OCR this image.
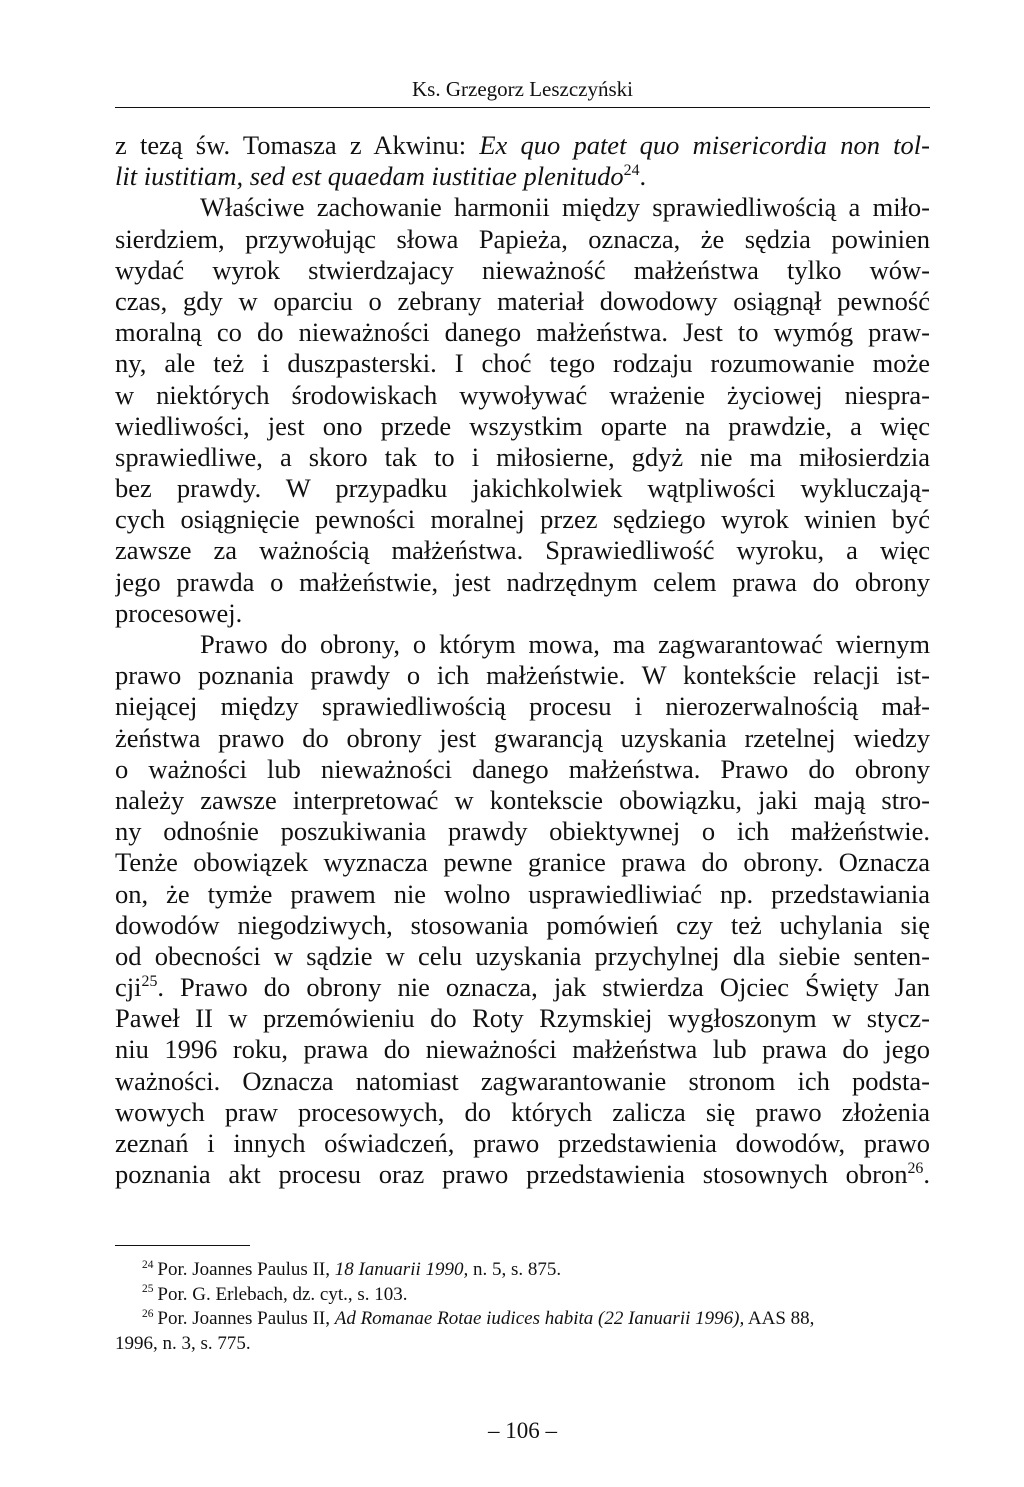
Ks. Grzegorz Leszczyński
z tezą św. Tomasza z Akwinu: Ex quo patet quo misericordia non tol-
lit iustitiam, sed est quaedam iustitiae plenitudo$^{24}$.
Właściwe zachowanie harmonii między sprawiedliwością a miło-
sierdziem, przywołując słowa Papieża, oznacza, że sędzia powinien
wydać wyrok stwierdzajacy nieważność małżeństwa tylko wów-
czas, gdy w oparciu o zebrany materiał dowodowy osiągnął pewność
moralną co do nieważności danego małżeństwa. Jest to wymóg praw-
ny, ale też i duszpasterski. I choć tego rodzaju rozumowanie może
w niektórych środowiskach wywoływać wrażenie życiowej niespra-
wiedliwości, jest ono przede wszystkim oparte na prawdzie, a więc
sprawiedliwe, a skoro tak to i miłosierne, gdyż nie ma miłosierdzia
bez prawdy. W przypadku jakichkolwiek wątpliwości wykluczają-
cych osiągnięcie pewności moralnej przez sędziego wyrok winien być
zawsze za ważnością małżeństwa. Sprawiedliwość wyroku, a więc
jego prawda o małżeństwie, jest nadrzędnym celem prawa do obrony
procesowej.
Prawo do obrony, o którym mowa, ma zagwarantować wiernym
prawo poznania prawdy o ich małżeństwie. W kontekście relacji ist-
niejącej między sprawiedliwością procesu i nierozerwalnością mał-
żeństwa prawo do obrony jest gwarancją uzyskania rzetelnej wiedzy
o ważności lub nieważności danego małżeństwa. Prawo do obrony
należy zawsze interpretować w kontekscie obowiązku, jaki mają stro-
ny odnośnie poszukiwania prawdy obiektywnej o ich małżeństwie.
Tenże obowiązek wyznacza pewne granice prawa do obrony. Oznacza
on, że tymże prawem nie wolno usprawiedliwiać np. przedstawiania
dowodów niegodziwych, stosowania pomówień czy też uchylania się
od obecności w sądzie w celu uzyskania przychylnej dla siebie senten-
cji$^{25}$. Prawo do obrony nie oznacza, jak stwierdza Ojciec Święty Jan
Paweł II w przemówieniu do Roty Rzymskiej wygłoszonym w stycz-
niu 1996 roku, prawa do nieważności małżeństwa lub prawa do jego
ważności. Oznacza natomiast zagwarantowanie stronom ich podsta-
wowych praw procesowych, do których zalicza się prawo złożenia
zeznań i innych oświadczeń, prawo przedstawienia dowodów, prawo
poznania akt procesu oraz prawo przedstawienia stosownych obron$^{26}$.
$^{24}$ Por. Joannes Paulus II, 18 Ianuarii 1990, n. 5, s. 875.
$^{25}$ Por. G. Erlebach, dz. cyt., s. 103.
$^{26}$ Por. Joannes Paulus II, Ad Romanae Rotae iudices habita (22 Ianuarii 1996), AAS 88,
1996, n. 3, s. 775.
– 106 –
